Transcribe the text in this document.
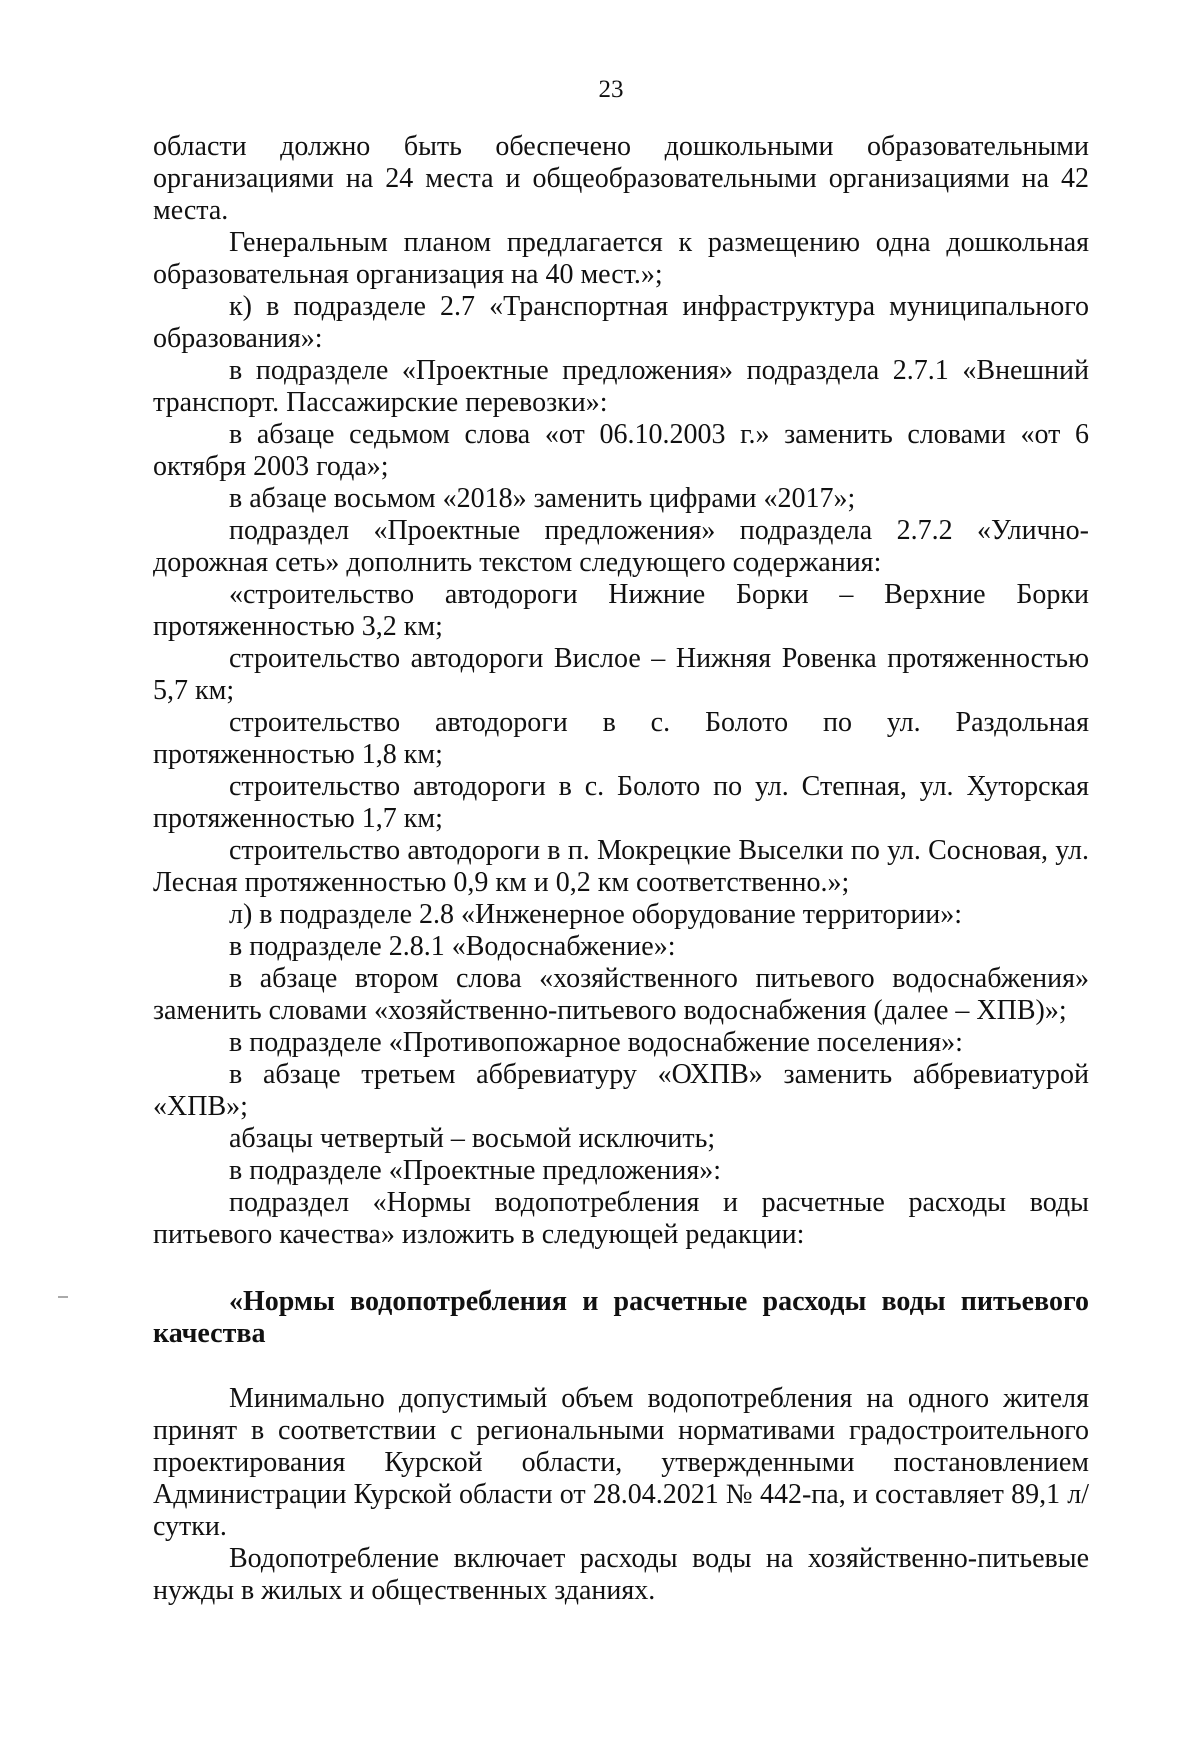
23

области должно быть обеспечено дошкольными образовательными организациями на 24 места и общеобразовательными организациями на 42 места.

Генеральным планом предлагается к размещению одна дошкольная образовательная организация на 40 мест.»;

к) в подразделе 2.7 «Транспортная инфраструктура муниципального образования»:

в подразделе «Проектные предложения» подраздела 2.7.1 «Внешний транспорт. Пассажирские перевозки»:

в абзаце седьмом слова «от 06.10.2003 г.» заменить словами «от 6 октября 2003 года»;

в абзаце восьмом «2018» заменить цифрами «2017»;

подраздел «Проектные предложения» подраздела 2.7.2 «Улично-дорожная сеть» дополнить текстом следующего содержания:

«строительство автодороги Нижние Борки – Верхние Борки протяженностью 3,2 км;

строительство автодороги Вислое – Нижняя Ровенка протяженностью 5,7 км;

строительство автодороги в с. Болото по ул. Раздольная протяженностью 1,8 км;

строительство автодороги в с. Болото по ул. Степная, ул. Хуторская протяженностью 1,7 км;

строительство автодороги в п. Мокрецкие Выселки по ул. Сосновая, ул. Лесная протяженностью 0,9 км и 0,2 км соответственно.»;

л) в подразделе 2.8 «Инженерное оборудование территории»:

в подразделе 2.8.1 «Водоснабжение»:

в абзаце втором слова «хозяйственного питьевого водоснабжения» заменить словами «хозяйственно-питьевого водоснабжения (далее – ХПВ)»;

в подразделе «Противопожарное водоснабжение поселения»:

в абзаце третьем аббревиатуру «ОХПВ» заменить аббревиатурой «ХПВ»;

абзацы четвертый – восьмой исключить;

в подразделе «Проектные предложения»:

подраздел «Нормы водопотребления и расчетные расходы воды питьевого качества» изложить в следующей редакции:

«Нормы водопотребления и расчетные расходы воды питьевого качества

Минимально допустимый объем водопотребления на одного жителя принят в соответствии с региональными нормативами градостроительного проектирования Курской области, утвержденными постановлением Администрации Курской области от 28.04.2021 № 442-па, и составляет 89,1 л/сутки.

Водопотребление включает расходы воды на хозяйственно-питьевые нужды в жилых и общественных зданиях.
